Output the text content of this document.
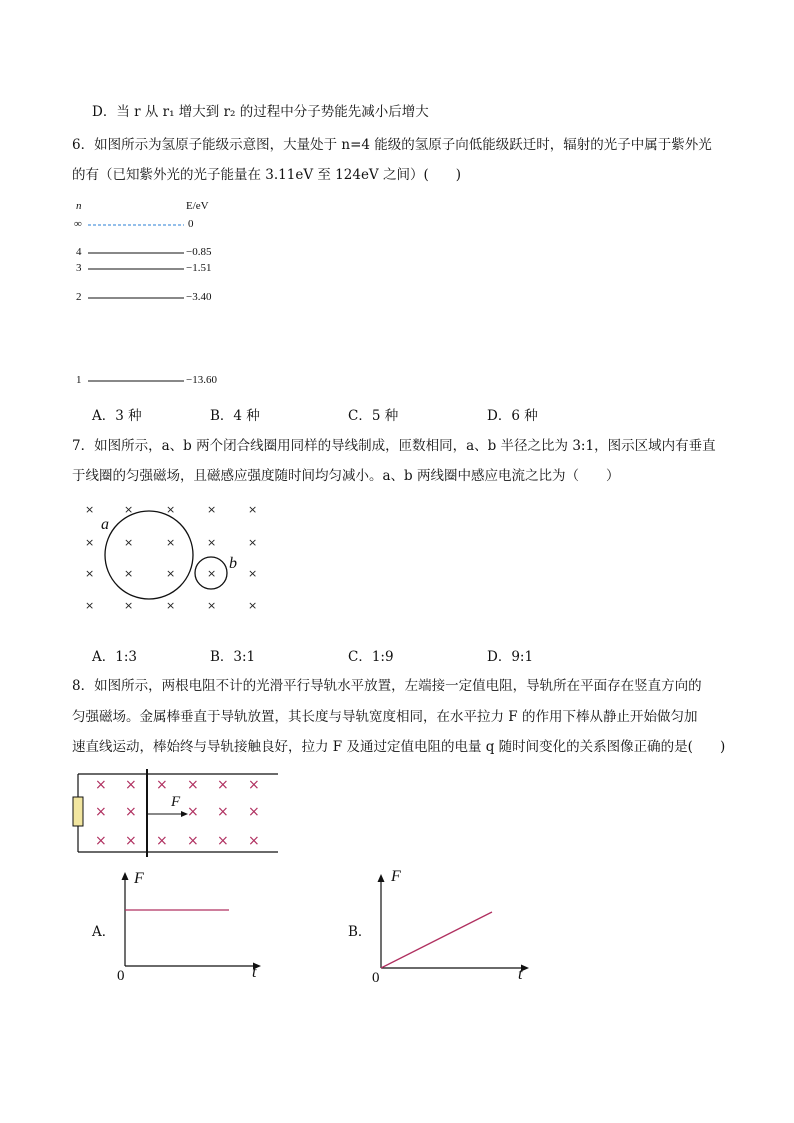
D．当 r 从 r₁ 增大到 r₂ 的过程中分子势能先减小后增大
6．如图所示为氢原子能级示意图，大量处于 n=4 能级的氢原子向低能级跃迁时，辐射的光子中属于紫外光
的有（已知紫外光的光子能量在 3.11eV 至 124eV 之间）(　　)
n	E/eV
∞	0
4	−0.85
3	−1.51
2	−3.40
1	−13.60
A．3 种	B．4 种	C．5 种	D．6 种
7．如图所示，a、b 两个闭合线圈用同样的导线制成，匝数相同，a、b 半径之比为 3:1，图示区域内有垂直
于线圈的匀强磁场，且磁感应强度随时间均匀减小。a、b 两线圈中感应电流之比为（　　）
×	×	×	×	×
×	×	×	×	×
×	×	×	×	×
×	×	×	×	×
a
b
A．1:3	B．3:1	C．1:9	D．9:1
8．如图所示，两根电阻不计的光滑平行导轨水平放置，左端接一定值电阻，导轨所在平面存在竖直方向的
匀强磁场。金属棒垂直于导轨放置，其长度与导轨宽度相同，在水平拉力 F 的作用下棒从静止开始做匀加
速直线运动，棒始终与导轨接触良好，拉力 F 及通过定值电阻的电量 q 随时间变化的关系图像正确的是(　　)
F
× × × × × ×
× ×	× × ×
× × × × × ×
A．
F
t
0
B．
F
t
0
